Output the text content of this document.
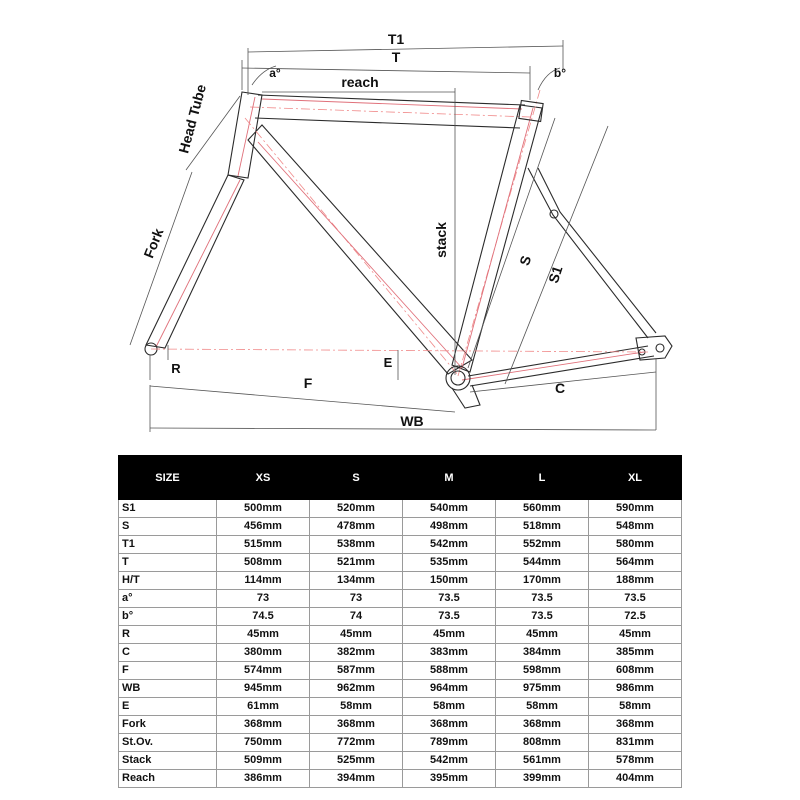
T1
T
a°	b°
reach
Head Tube
Fork	stack
S
S1
E
R
F	C
WB
SIZE	XS	S	M	L	XL
S1	500mm	520mm	540mm	560mm	590mm
S	456mm	478mm	498mm	518mm	548mm
T1	515mm	538mm	542mm	552mm	580mm
T	508mm	521mm	535mm	544mm	564mm
H/T	114mm	134mm	150mm	170mm	188mm
a°	73	73	73.5	73.5	73.5
b°	74.5	74	73.5	73.5	72.5
R	45mm	45mm	45mm	45mm	45mm
C	380mm	382mm	383mm	384mm	385mm
F	574mm	587mm	588mm	598mm	608mm
WB	945mm	962mm	964mm	975mm	986mm
E	61mm	58mm	58mm	58mm	58mm
Fork	368mm	368mm	368mm	368mm	368mm
St.Ov.	750mm	772mm	789mm	808mm	831mm
Stack	509mm	525mm	542mm	561mm	578mm
Reach	386mm	394mm	395mm	399mm	404mm
